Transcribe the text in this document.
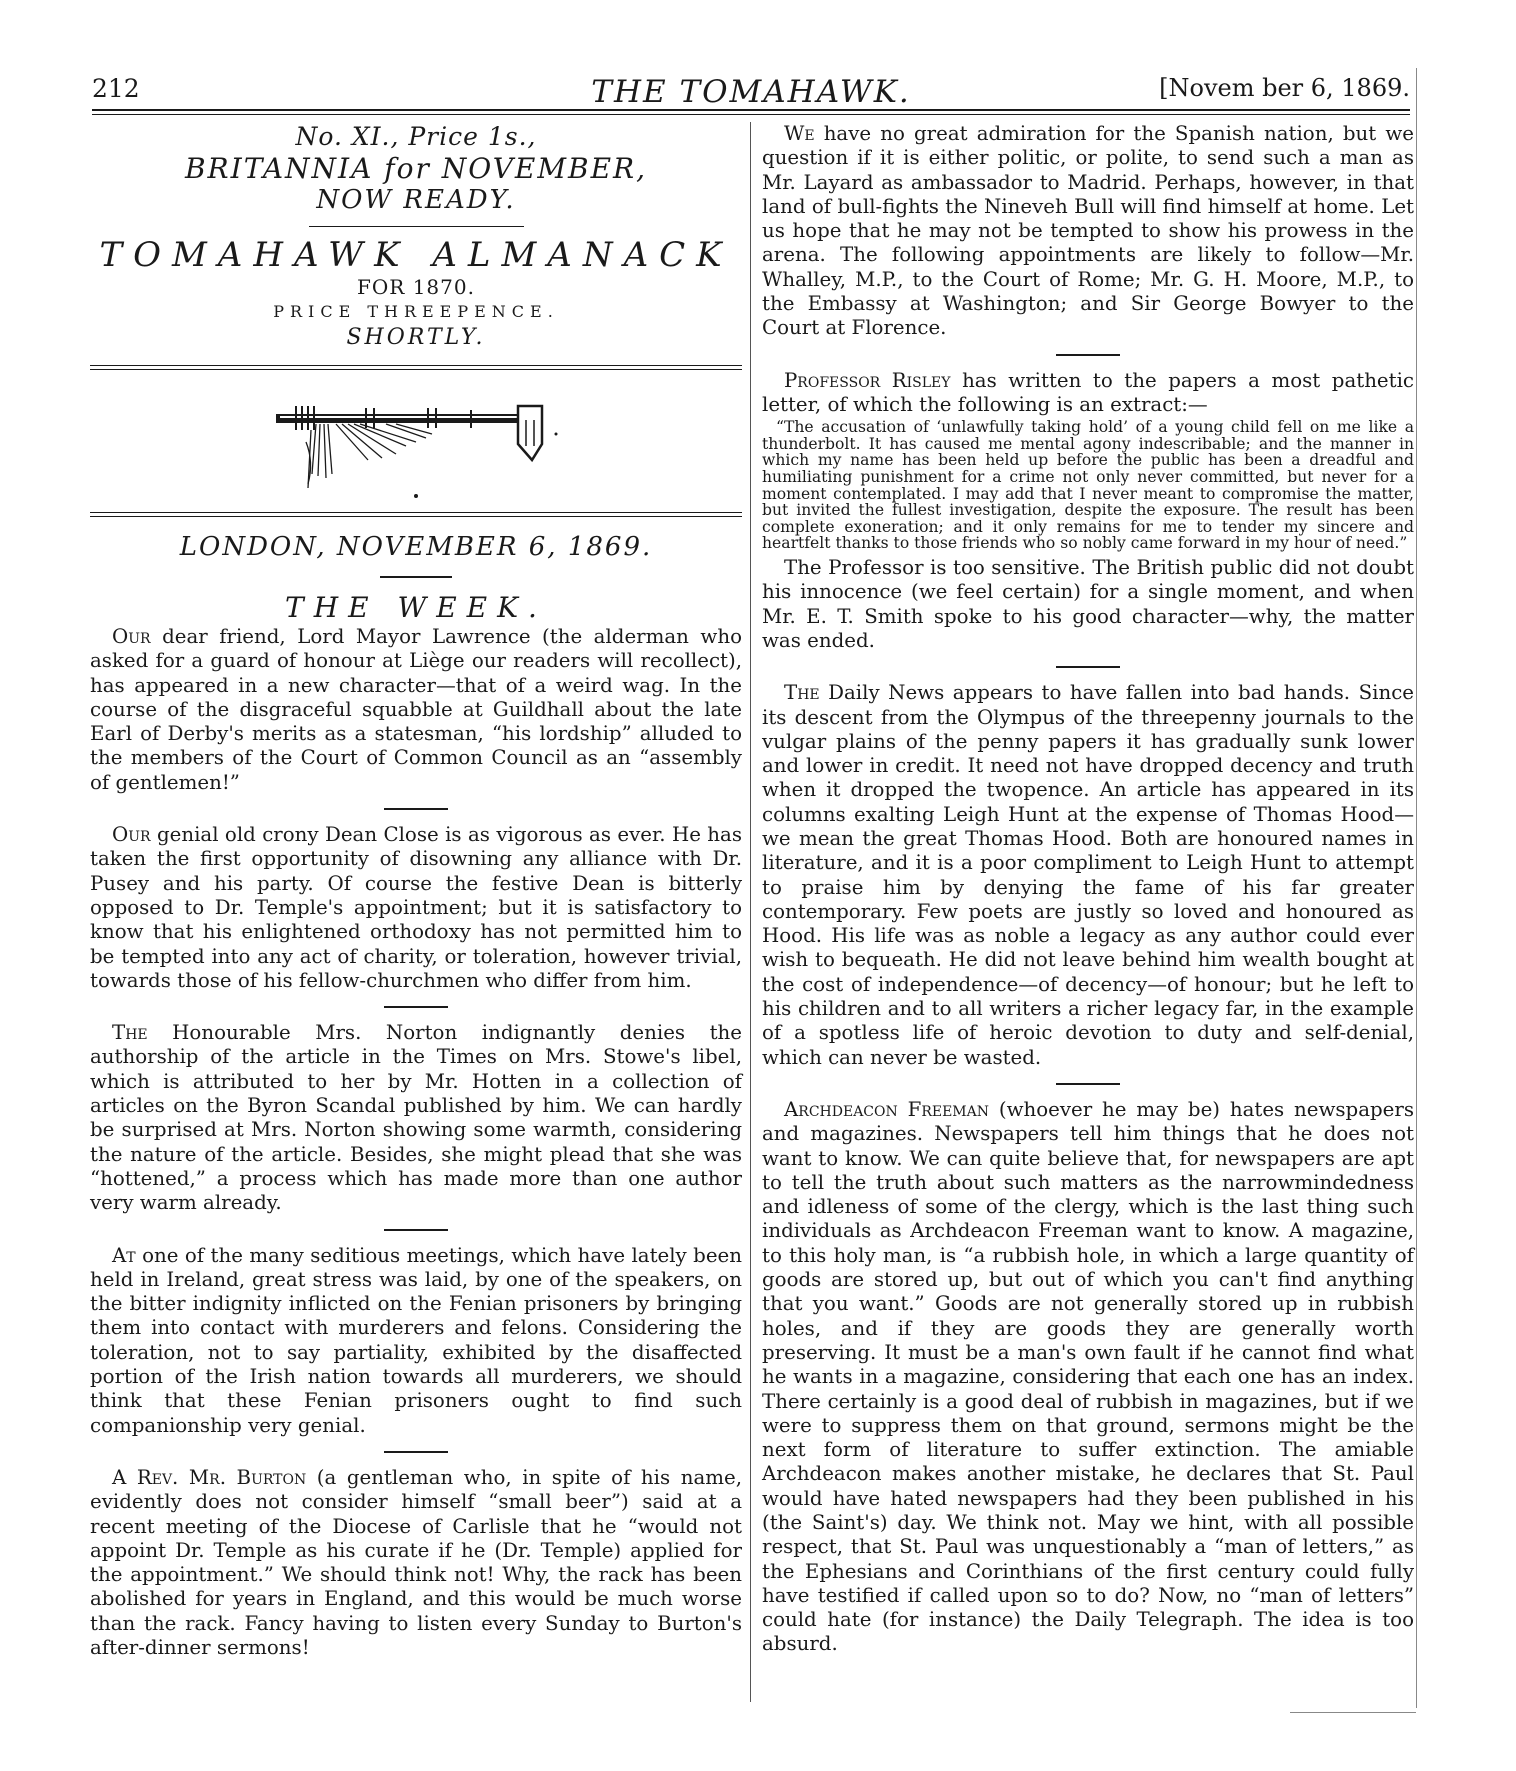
212	THE TOMAHAWK.	[Novem ber 6, 1869.
No. XI., Price 1s.,
BRITANNIA for NOVEMBER,
NOW READY.
TOMAHAWK ALMANACK
FOR 1870.
PRICE THREEPENCE.
SHORTLY.
LONDON, NOVEMBER 6, 1869.
THE WEEK.

Our dear friend, Lord Mayor Lawrence (the alderman who asked for a guard of honour at Liège our readers will recollect), has appeared in a new character—that of a weird wag. In the course of the disgraceful squabble at Guildhall about the late Earl of Derby's merits as a statesman, “his lordship” alluded to the members of the Court of Common Council as an “assembly of gentlemen!”

Our genial old crony Dean Close is as vigorous as ever. He has taken the first opportunity of disowning any alliance with Dr. Pusey and his party. Of course the festive Dean is bitterly opposed to Dr. Temple's appointment; but it is satisfactory to know that his enlightened orthodoxy has not permitted him to be tempted into any act of charity, or toleration, however trivial, towards those of his fellow-churchmen who differ from him.

The Honourable Mrs. Norton indignantly denies the authorship of the article in the Times on Mrs. Stowe's libel, which is attributed to her by Mr. Hotten in a collection of articles on the Byron Scandal published by him. We can hardly be surprised at Mrs. Norton showing some warmth, considering the nature of the article. Besides, she might plead that she was “hottened,” a process which has made more than one author very warm already.

At one of the many seditious meetings, which have lately been held in Ireland, great stress was laid, by one of the speakers, on the bitter indignity inflicted on the Fenian prisoners by bringing them into contact with murderers and felons. Considering the toleration, not to say partiality, exhibited by the disaffected portion of the Irish nation towards all murderers, we should think that these Fenian prisoners ought to find such companionship very genial.

A Rev. Mr. Burton (a gentleman who, in spite of his name, evidently does not consider himself “small beer”) said at a recent meeting of the Diocese of Carlisle that he “would not appoint Dr. Temple as his curate if he (Dr. Temple) applied for the appointment.” We should think not! Why, the rack has been abolished for years in England, and this would be much worse than the rack. Fancy having to listen every Sunday to Burton's after-dinner sermons!

We have no great admiration for the Spanish nation, but we question if it is either politic, or polite, to send such a man as Mr. Layard as ambassador to Madrid. Perhaps, however, in that land of bull-fights the Nineveh Bull will find himself at home. Let us hope that he may not be tempted to show his prowess in the arena. The following appointments are likely to follow—Mr. Whalley, M.P., to the Court of Rome; Mr. G. H. Moore, M.P., to the Embassy at Washington; and Sir George Bowyer to the Court at Florence.

Professor Risley has written to the papers a most pathetic letter, of which the following is an extract:—

“The accusation of ‘unlawfully taking hold’ of a young child fell on me like a thunderbolt. It has caused me mental agony indescribable; and the manner in which my name has been held up before the public has been a dreadful and humiliating punishment for a crime not only never committed, but never for a moment contemplated. I may add that I never meant to compromise the matter, but invited the fullest investigation, despite the exposure. The result has been complete exoneration; and it only remains for me to tender my sincere and heartfelt thanks to those friends who so nobly came forward in my hour of need.”

The Professor is too sensitive. The British public did not doubt his innocence (we feel certain) for a single moment, and when Mr. E. T. Smith spoke to his good character—why, the matter was ended.

The Daily News appears to have fallen into bad hands. Since its descent from the Olympus of the threepenny journals to the vulgar plains of the penny papers it has gradually sunk lower and lower in credit. It need not have dropped decency and truth when it dropped the twopence. An article has appeared in its columns exalting Leigh Hunt at the expense of Thomas Hood—we mean the great Thomas Hood. Both are honoured names in literature, and it is a poor compliment to Leigh Hunt to attempt to praise him by denying the fame of his far greater contemporary. Few poets are justly so loved and honoured as Hood. His life was as noble a legacy as any author could ever wish to bequeath. He did not leave behind him wealth bought at the cost of independence—of decency—of honour; but he left to his children and to all writers a richer legacy far, in the example of a spotless life of heroic devotion to duty and self-denial, which can never be wasted.

Archdeacon Freeman (whoever he may be) hates newspapers and magazines. Newspapers tell him things that he does not want to know. We can quite believe that, for newspapers are apt to tell the truth about such matters as the narrowmindedness and idleness of some of the clergy, which is the last thing such individuals as Archdeacon Freeman want to know. A magazine, to this holy man, is “a rubbish hole, in which a large quantity of goods are stored up, but out of which you can't find anything that you want.” Goods are not generally stored up in rubbish holes, and if they are goods they are generally worth preserving. It must be a man's own fault if he cannot find what he wants in a magazine, considering that each one has an index. There certainly is a good deal of rubbish in magazines, but if we were to suppress them on that ground, sermons might be the next form of literature to suffer extinction. The amiable Archdeacon makes another mistake, he declares that St. Paul would have hated newspapers had they been published in his (the Saint's) day. We think not. May we hint, with all possible respect, that St. Paul was unquestionably a “man of letters,” as the Ephesians and Corinthians of the first century could fully have testified if called upon so to do? Now, no “man of letters” could hate (for instance) the Daily Telegraph. The idea is too absurd.
